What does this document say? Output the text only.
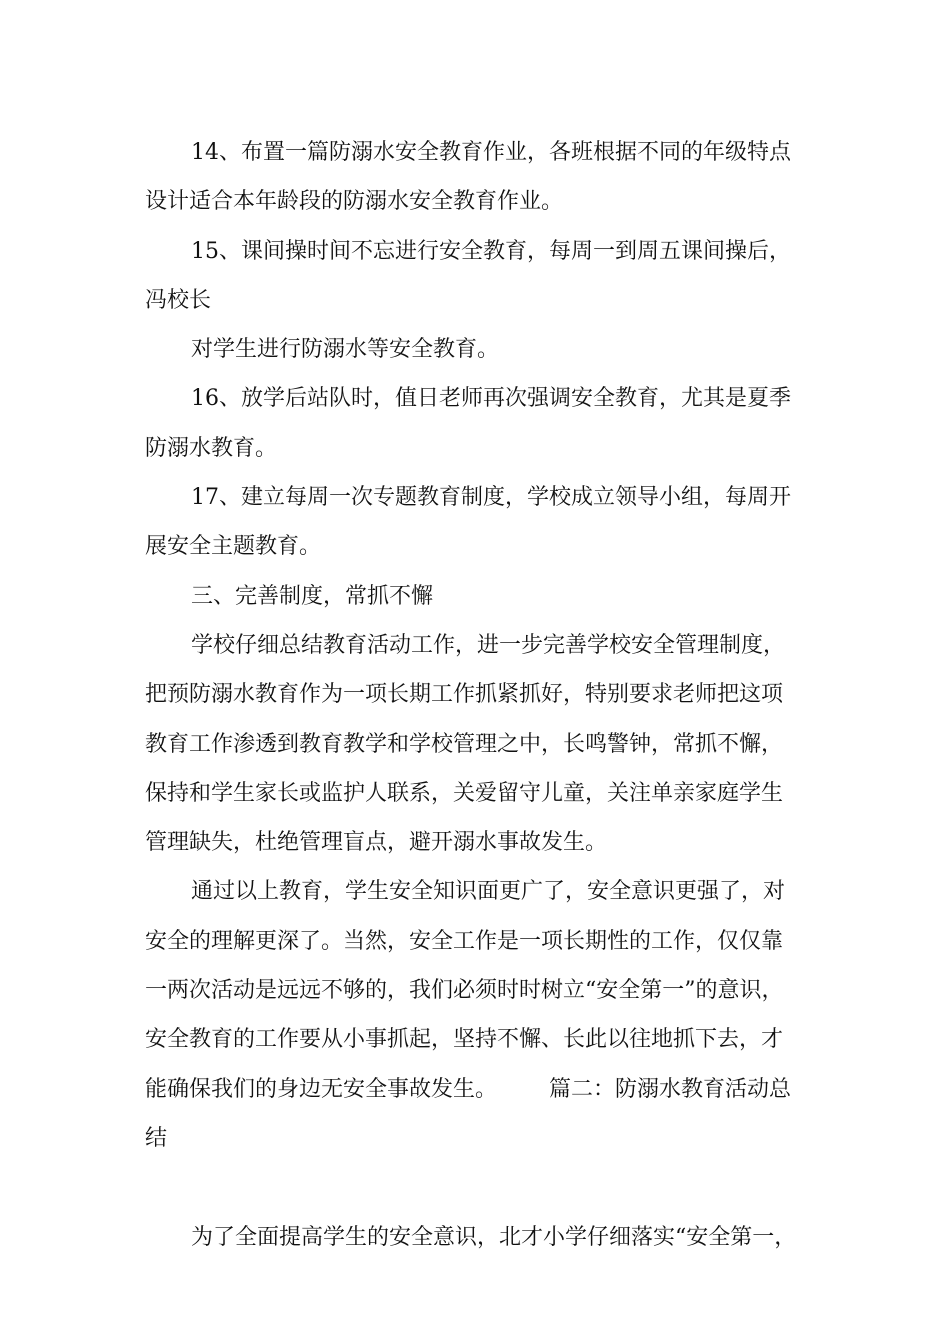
14、布置一篇防溺水安全教育作业，各班根据不同的年级特点
设计适合本年龄段的防溺水安全教育作业。
15、课间操时间不忘进行安全教育，每周一到周五课间操后，
冯校长
对学生进行防溺水等安全教育。
16、放学后站队时，值日老师再次强调安全教育，尤其是夏季
防溺水教育。
17、建立每周一次专题教育制度，学校成立领导小组，每周开
展安全主题教育。
三、完善制度，常抓不懈
学校仔细总结教育活动工作，进一步完善学校安全管理制度，
把预防溺水教育作为一项长期工作抓紧抓好，特别要求老师把这项
教育工作渗透到教育教学和学校管理之中，长鸣警钟，常抓不懈，
保持和学生家长或监护人联系，关爱留守儿童，关注单亲家庭学生
管理缺失，杜绝管理盲点，避开溺水事故发生。
通过以上教育，学生安全知识面更广了，安全意识更强了，对
安全的理解更深了。当然，安全工作是一项长期性的工作，仅仅靠
一两次活动是远远不够的，我们必须时时树立“安全第一”的意识，
安全教育的工作要从小事抓起，坚持不懈、长此以往地抓下去，才
能确保我们的身边无安全事故发生。 篇二：防溺水教育活动总
结
为了全面提高学生的安全意识，北才小学仔细落实“安全第一，
